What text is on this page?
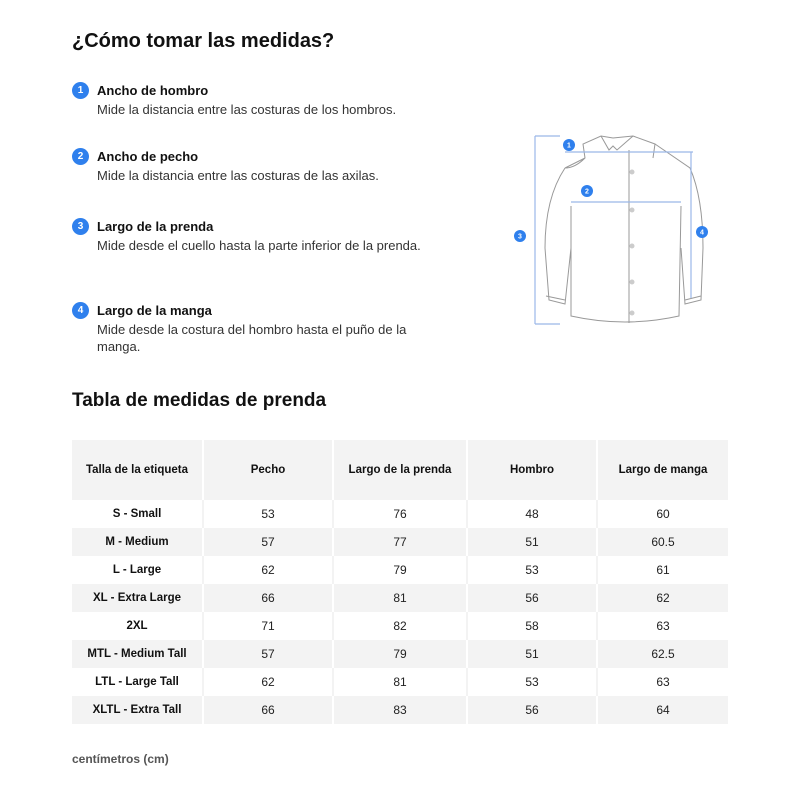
¿Cómo tomar las medidas?
1	Ancho de hombro
Mide la distancia entre las costuras de los hombros.
2	Ancho de pecho
Mide la distancia entre las costuras de las axilas.
3	Largo de la prenda
Mide desde el cuello hasta la parte inferior de la prenda.
4	Largo de la manga
Mide desde la costura del hombro hasta el puño de la manga.
1
2
3
4
Tabla de medidas de prenda
Talla de la etiqueta	Pecho	Largo de la prenda	Hombro	Largo de manga
S - Small	53	76	48	60
M - Medium	57	77	51	60.5
L - Large	62	79	53	61
XL - Extra Large	66	81	56	62
2XL	71	82	58	63
MTL - Medium Tall	57	79	51	62.5
LTL - Large Tall	62	81	53	63
XLTL - Extra Tall	66	83	56	64
centímetros (cm)
